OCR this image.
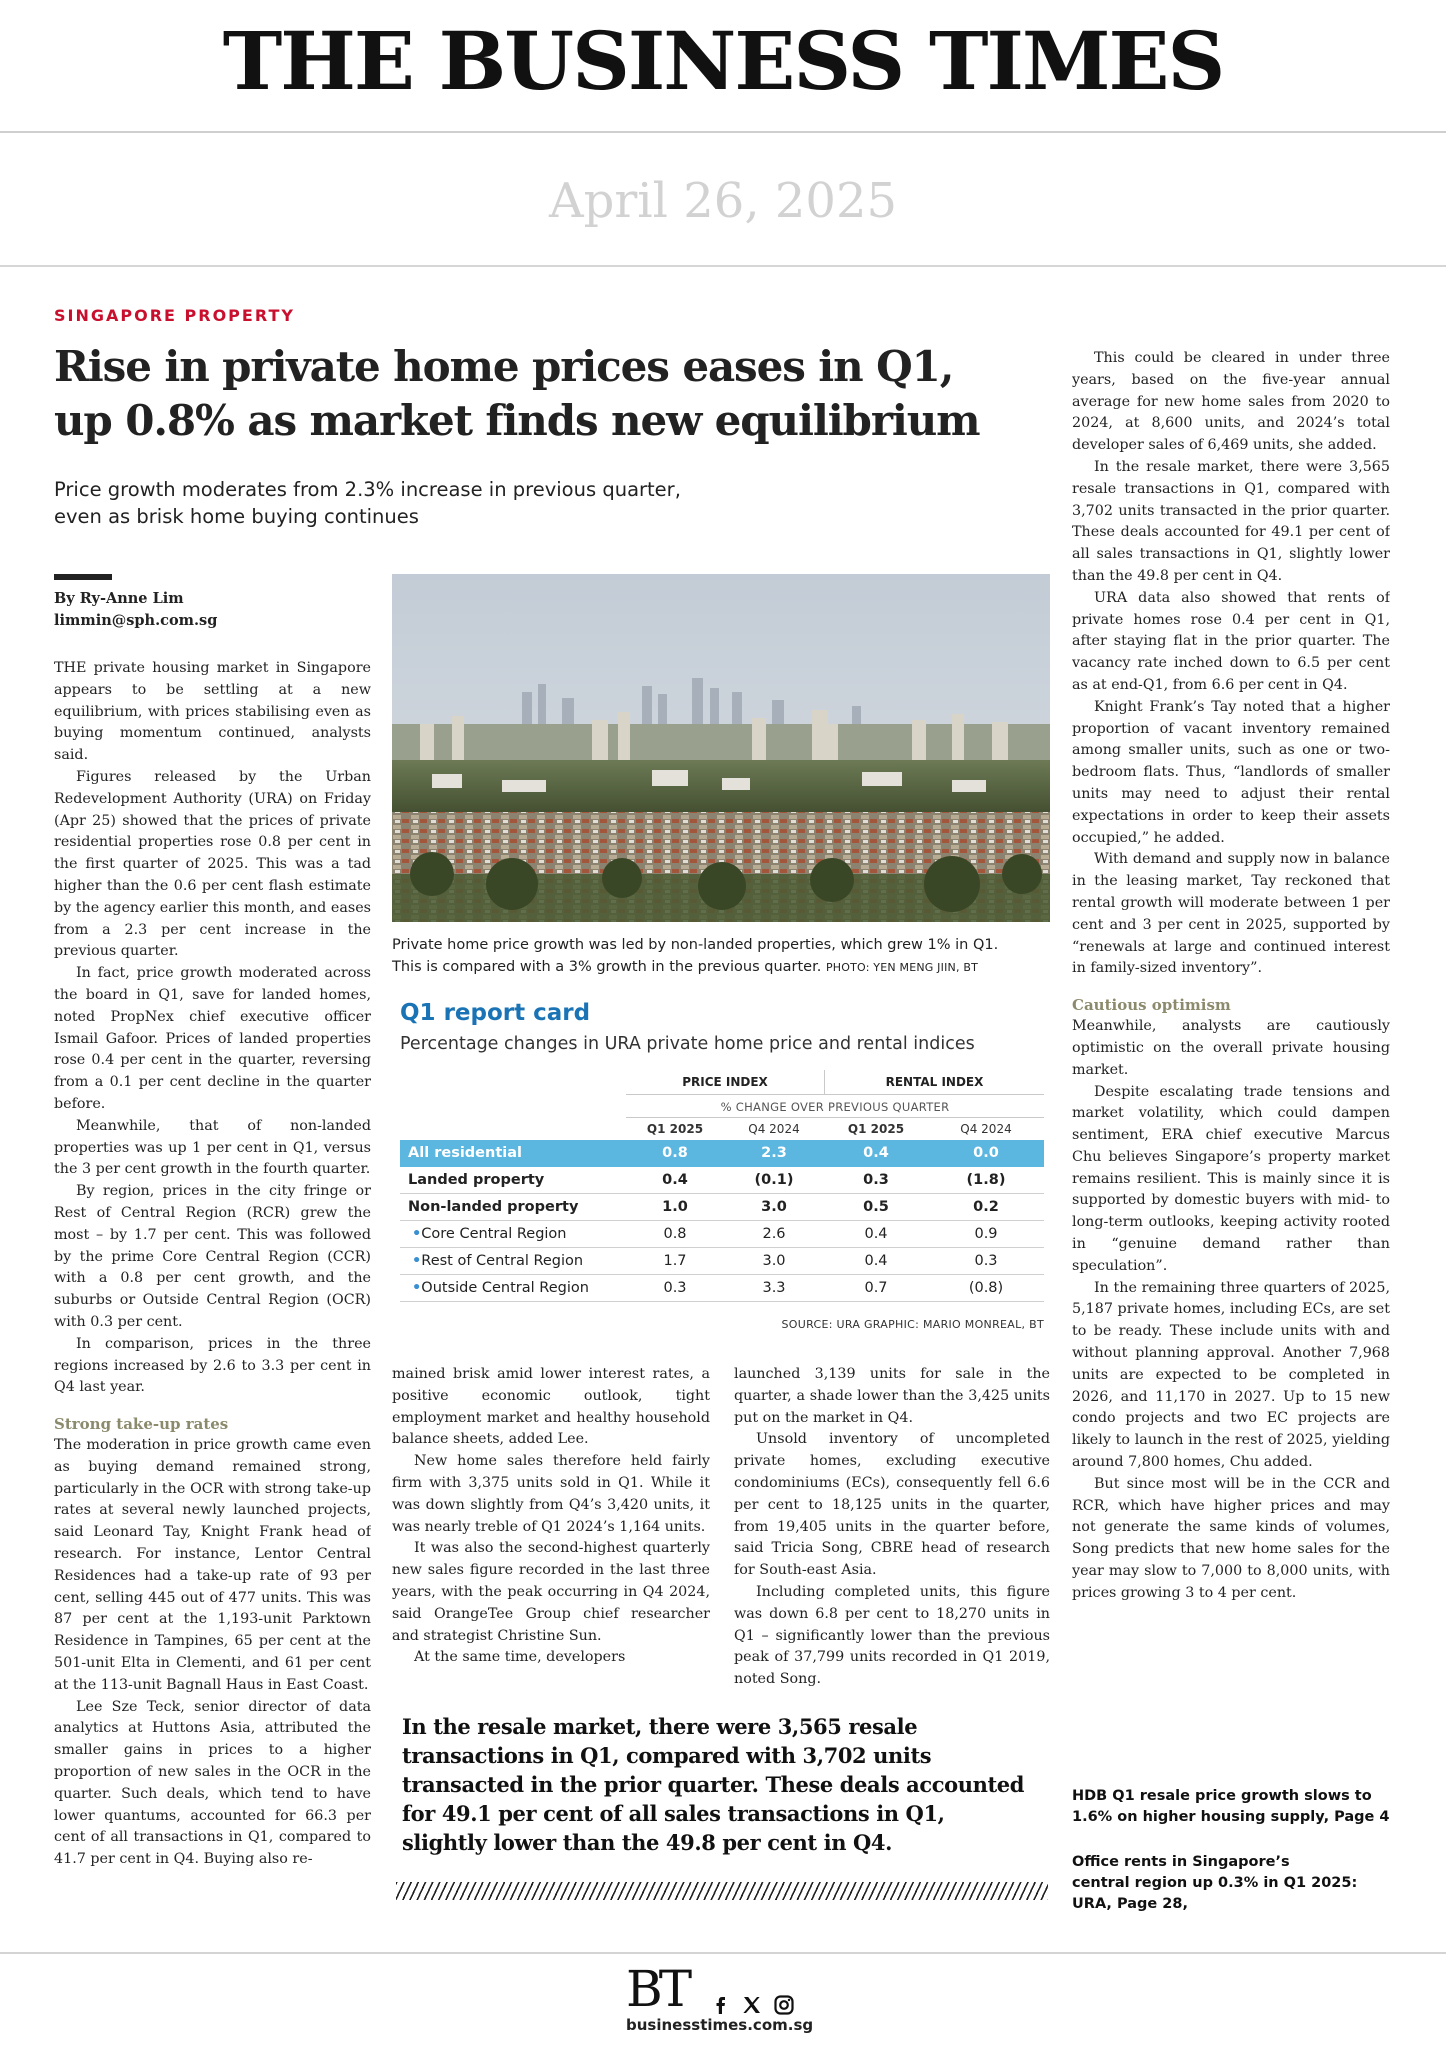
THE BUSINESS TIMES
April 26, 2025
SINGAPORE PROPERTY
Rise in private home prices eases in Q1,
up 0.8% as market finds new equilibrium
Price growth moderates from 2.3% increase in previous quarter,
even as brisk home buying continues
By Ry-Anne Lim
limmin@sph.com.sg

THE private housing market in Singapore appears to be settling at a new equilibrium, with prices stabilising even as buying momentum continued, analysts said.

Figures released by the Urban Redevelopment Authority (URA) on Friday (Apr 25) showed that the prices of private residential properties rose 0.8 per cent in the first quarter of 2025. This was a tad higher than the 0.6 per cent flash estimate by the agency earlier this month, and eases from a 2.3 per cent increase in the previous quarter.

In fact, price growth moderated across the board in Q1, save for landed homes, noted PropNex chief executive officer Ismail Gafoor. Prices of landed properties rose 0.4 per cent in the quarter, reversing from a 0.1 per cent decline in the quarter before.

Meanwhile, that of non-landed properties was up 1 per cent in Q1, versus the 3 per cent growth in the fourth quarter.

By region, prices in the city fringe or Rest of Central Region (RCR) grew the most – by 1.7 per cent. This was followed by the prime Core Central Region (CCR) with a 0.8 per cent growth, and the suburbs or Outside Central Region (OCR) with 0.3 per cent.

In comparison, prices in the three regions increased by 2.6 to 3.3 per cent in Q4 last year.

Strong take-up rates

The moderation in price growth came even as buying demand remained strong, particularly in the OCR with strong take-up rates at several newly launched projects, said Leonard Tay, Knight Frank head of research. For instance, Lentor Central Residences had a take-up rate of 93 per cent, selling 445 out of 477 units. This was 87 per cent at the 1,193-unit Parktown Residence in Tampines, 65 per cent at the 501-unit Elta in Clementi, and 61 per cent at the 113-unit Bagnall Haus in East Coast.

Lee Sze Teck, senior director of data analytics at Huttons Asia, attributed the smaller gains in prices to a higher proportion of new sales in the OCR in the quarter. Such deals, which tend to have lower quantums, accounted for 66.3 per cent of all transactions in Q1, compared to 41.7 per cent in Q4. Buying also re-

Private home price growth was led by non-landed properties, which grew 1% in Q1.
This is compared with a 3% growth in the previous quarter. PHOTO: YEN MENG JIIN, BT
Q1 report card
Percentage changes in URA private home price and rental indices
PRICE INDEX	RENTAL INDEX
% CHANGE OVER PREVIOUS QUARTER
Q1 2025	Q4 2024	Q1 2025	Q4 2024
All residential	0.8	2.3	0.4	0.0
Landed property	0.4	(0.1)	0.3	(1.8)
Non-landed property	1.0	3.0	0.5	0.2
•Core Central Region	0.8	2.6	0.4	0.9
•Rest of Central Region	1.7	3.0	0.4	0.3
•Outside Central Region	0.3	3.3	0.7	(0.8)
SOURCE: URA GRAPHIC: MARIO MONREAL, BT

mained brisk amid lower interest rates, a positive economic outlook, tight employment market and healthy household balance sheets, added Lee.

New home sales therefore held fairly firm with 3,375 units sold in Q1. While it was down slightly from Q4’s 3,420 units, it was nearly treble of Q1 2024’s 1,164 units.

It was also the second-highest quarterly new sales figure recorded in the last three years, with the peak occurring in Q4 2024, said OrangeTee Group chief researcher and strategist Christine Sun.

At the same time, developers

launched 3,139 units for sale in the quarter, a shade lower than the 3,425 units put on the market in Q4.

Unsold inventory of uncompleted private homes, excluding executive condominiums (ECs), consequently fell 6.6 per cent to 18,125 units in the quarter, from 19,405 units in the quarter before, said Tricia Song, CBRE head of research for South-east Asia.

Including completed units, this figure was down 6.8 per cent to 18,270 units in Q1 – significantly lower than the previous peak of 37,799 units recorded in Q1 2019, noted Song.

In the resale market, there were 3,565 resale
transactions in Q1, compared with 3,702 units
transacted in the prior quarter. These deals accounted
for 49.1 per cent of all sales transactions in Q1,
slightly lower than the 49.8 per cent in Q4.

This could be cleared in under three years, based on the five-year annual average for new home sales from 2020 to 2024, at 8,600 units, and 2024’s total developer sales of 6,469 units, she added.

In the resale market, there were 3,565 resale transactions in Q1, compared with 3,702 units transacted in the prior quarter. These deals accounted for 49.1 per cent of all sales transactions in Q1, slightly lower than the 49.8 per cent in Q4.

URA data also showed that rents of private homes rose 0.4 per cent in Q1, after staying flat in the prior quarter. The vacancy rate inched down to 6.5 per cent as at end-Q1, from 6.6 per cent in Q4.

Knight Frank’s Tay noted that a higher proportion of vacant inventory remained among smaller units, such as one or two-bedroom flats. Thus, “landlords of smaller units may need to adjust their rental expectations in order to keep their assets occupied,” he added.

With demand and supply now in balance in the leasing market, Tay reckoned that rental growth will moderate between 1 per cent and 3 per cent in 2025, supported by “renewals at large and continued interest in family-sized inventory”.

Cautious optimism

Meanwhile, analysts are cautiously optimistic on the overall private housing market.

Despite escalating trade tensions and market volatility, which could dampen sentiment, ERA chief executive Marcus Chu believes Singapore’s property market remains resilient. This is mainly since it is supported by domestic buyers with mid- to long-term outlooks, keeping activity rooted in “genuine demand rather than speculation”.

In the remaining three quarters of 2025, 5,187 private homes, including ECs, are set to be ready. These include units with and without planning approval. Another 7,968 units are expected to be completed in 2026, and 11,170 in 2027. Up to 15 new condo projects and two EC projects are likely to launch in the rest of 2025, yielding around 7,800 homes, Chu added.

But since most will be in the CCR and RCR, which have higher prices and may not generate the same kinds of volumes, Song predicts that new home sales for the year may slow to 7,000 to 8,000 units, with prices growing 3 to 4 per cent.

HDB Q1 resale price growth slows to
1.6% on higher housing supply, Page 4
Office rents in Singapore’s
central region up 0.3% in Q1 2025:
URA, Page 28,
BT
businesstimes.com.sg
